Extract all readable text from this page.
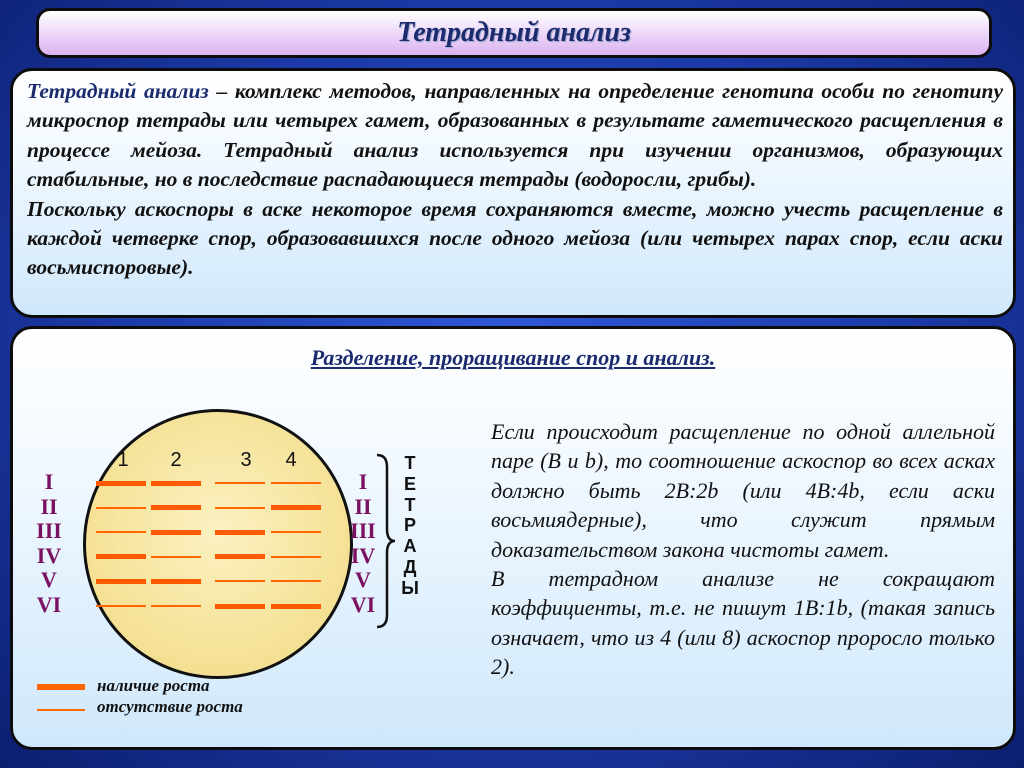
Тетрадный анализ

Тетрадный анализ – комплекс методов, направленных на определение генотипа особи по генотипу микроспор тетрады или четырех гамет, образованных в результате гаметического расщепления в процессе мейоза. Тетрадный анализ используется при изучении организмов, образующих стабильные, но в последствие распадающиеся тетрады (водоросли, грибы).

Поскольку аскоспоры в аске некоторое время сохраняются вместе, можно учесть расщепление в каждой четверке спор, образовавшихся после одного мейоза (или четырех парах спор, если аски восьмиспоровые).

Разделение, проращивание спор и анализ.
1	2	3	4
I
II
III
IV
V
VI
I
II
III
IV
V
VI
Т
Е
Т
Р
А
Д
Ы
наличие роста
отсутствие роста

Если происходит расщепление по одной аллельной паре (B и b), то соотношение аскоспор во всех асках должно быть 2B:2b (или 4B:4b, если аски восьмиядерные), что служит прямым доказательством закона чистоты гамет.

В тетрадном анализе не сокращают коэффициенты, т.е. не пишут 1B:1b, (такая запись означает, что из 4 (или 8) аскоспор проросло только 2).
